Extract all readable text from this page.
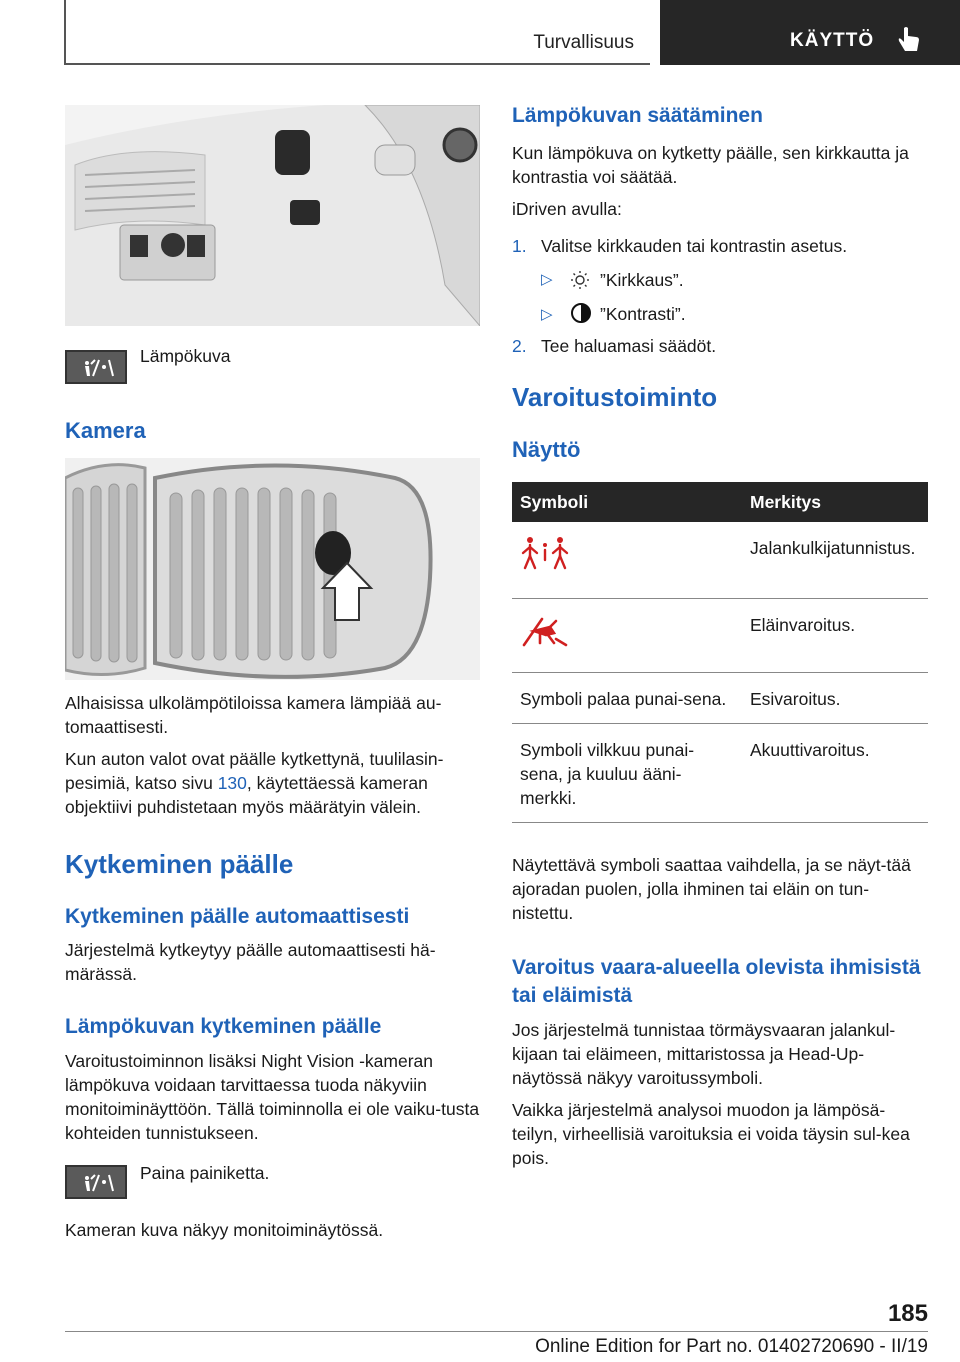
Turvallisuus	KÄYTTÖ

Lämpökuva

Kamera

Alhaisissa ulkolämpötiloissa kamera lämpiää au-tomaattisesti.

Kun auton valot ovat päälle kytkettynä, tuulilasin-pesimiä, katso sivu 130, käytettäessä kameran objektiivi puhdistetaan myös määrätyin välein.

Kytkeminen päälle
Kytkeminen päälle automaattisesti

Järjestelmä kytkeytyy päälle automaattisesti hä-märässä.

Lämpökuvan kytkeminen päälle

Varoitustoiminnon lisäksi Night Vision -kameran lämpökuva voidaan tarvittaessa tuoda näkyviin monitoiminäyttöön. Tällä toiminnolla ei ole vaiku-tusta kohteiden tunnistukseen.

Paina painiketta.

Kameran kuva näkyy monitoiminäytössä.

Lämpökuvan säätäminen

Kun lämpökuva on kytketty päälle, sen kirkkautta ja kontrastia voi säätää.

iDriven avulla:

1. Valitse kirkkauden tai kontrastin asetus.

▷	”Kirkkaus”.

▷	”Kontrasti”.

2. Tee haluamasi säädöt.

Varoitustoiminto
Näyttö
Symboli	Merkitys
	Jalankulkijatunnistus.
	Eläinvaroitus.
Symboli palaa punai-sena.	Esivaroitus.
Symboli vilkkuu punai-sena, ja kuuluu ääni-merkki.	Akuuttivaroitus.

Näytettävä symboli saattaa vaihdella, ja se näyt-tää ajoradan puolen, jolla ihminen tai eläin on tun-nistettu.

Varoitus vaara-alueella olevista ihmisistä tai eläimistä

Jos järjestelmä tunnistaa törmäysvaaran jalankul-kijaan tai eläimeen, mittaristossa ja Head-Up-näytössä näkyy varoitussymboli.

Vaikka järjestelmä analysoi muodon ja lämpösä-teilyn, virheellisiä varoituksia ei voida täysin sul-kea pois.

185
Online Edition for Part no. 01402720690 - II/19
